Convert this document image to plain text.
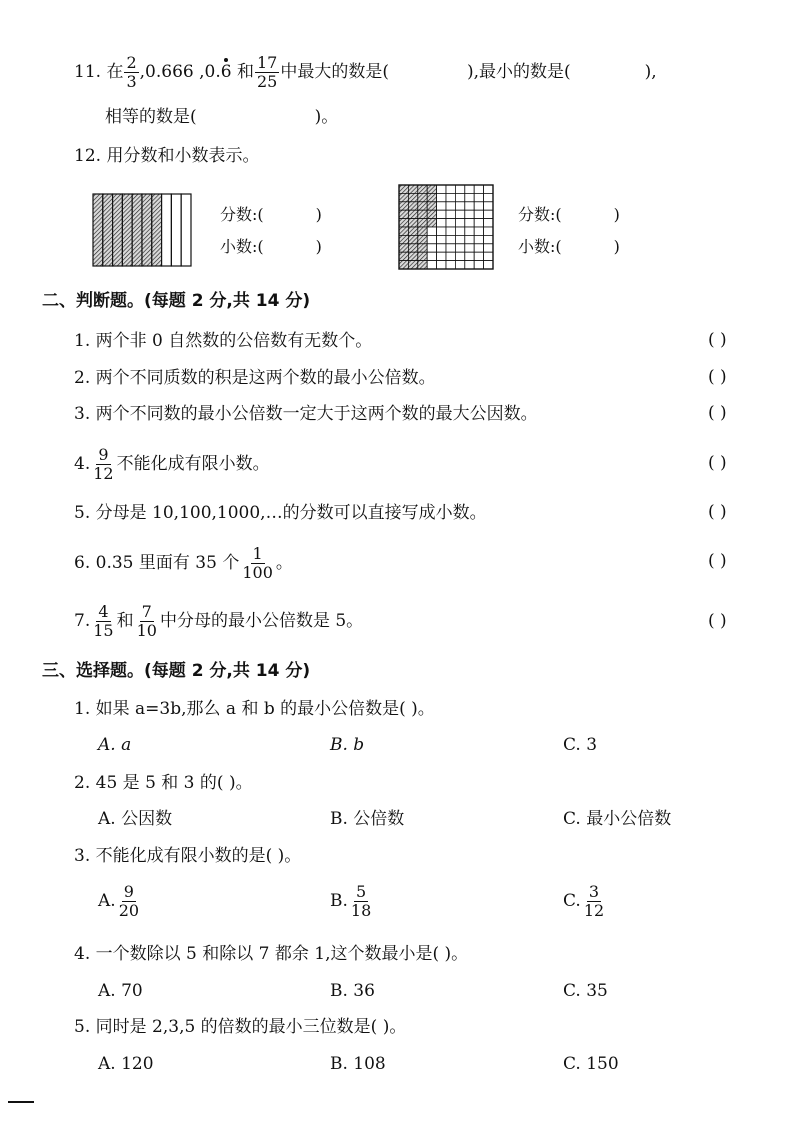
11. 在 $\frac{2}{3} ,0.666$ ,0.6 和 $\frac{17}{25}$ 中最大的数是(	),最小的数是(	),
相等的数是(	)。
12. 用分数和小数表示。
分数:(	)
小数:(	)
分数:(	)
小数:(	)
二、判断题。(每题 2 分,共 14 分)
1. 两个非 0 自然数的公倍数有无数个。	( )
2. 两个不同质数的积是这两个数的最小公倍数。	( )
3. 两个不同数的最小公倍数一定大于这两个数的最大公因数。	( )
4. $\frac{9}{12}$ 不能化成有限小数。	( )
5. 分母是 10,100,1000,…的分数可以直接写成小数。	( )
6. 0.35 里面有 35 个 $\frac{1}{100}$ 。	( )
7. $\frac{4}{15}$ 和 $\frac{7}{10}$ 中分母的最小公倍数是 5。	( )
三、选择题。(每题 2 分,共 14 分)
1. 如果 a=3b,那么 a 和 b 的最小公倍数是( )。
A. a	B. b	C. 3
2. 45 是 5 和 3 的( )。
A. 公因数	B. 公倍数	C. 最小公倍数
3. 不能化成有限小数的是( )。
A. $\frac{9}{20}$	B. $\frac{5}{18}$	C. $\frac{3}{12}$
4. 一个数除以 5 和除以 7 都余 1,这个数最小是( )。
A. 70	B. 36	C. 35
5. 同时是 2,3,5 的倍数的最小三位数是( )。
A. 120	B. 108	C. 150
